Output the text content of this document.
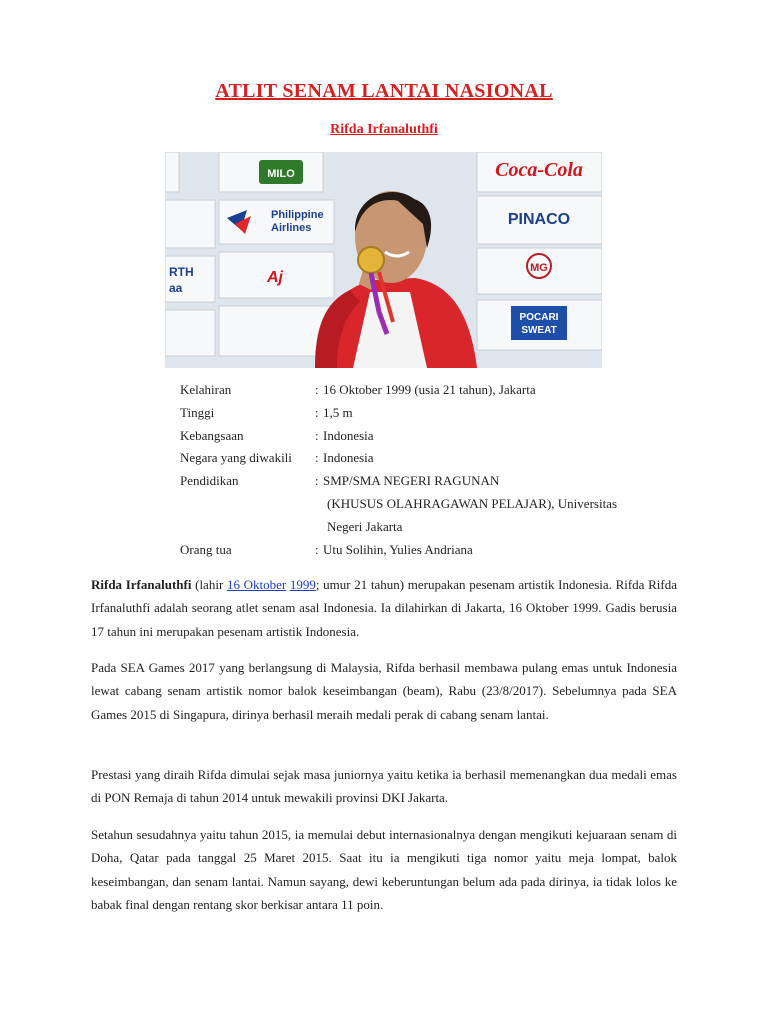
ATLIT SENAM LANTAI NASIONAL
Rifda Irfanaluthfi
MILO	Coca-Cola
Philippine
Airlines	PINACO
RTH
aa
Aj
MG
POCARI
SWEAT
Kelahiran	: 16 Oktober 1999 (usia 21 tahun), Jakarta
Tinggi	: 1,5 m
Kebangsaan	: Indonesia
Negara yang diwakili	: Indonesia
Pendidikan	: SMP/SMA NEGERI RAGUNAN
(KHUSUS OLAHRAGAWAN PELAJAR), Universitas
Negeri Jakarta
Orang tua	: Utu Solihin, Yulies Andriana

Rifda Irfanaluthfi (lahir 16 Oktober 1999; umur 21 tahun) merupakan pesenam artistik Indonesia. Rifda Rifda Irfanaluthfi adalah seorang atlet senam asal Indonesia. Ia dilahirkan di Jakarta, 16 Oktober 1999. Gadis berusia 17 tahun ini merupakan pesenam artistik Indonesia.

Pada SEA Games 2017 yang berlangsung di Malaysia, Rifda berhasil membawa pulang emas untuk Indonesia lewat cabang senam artistik nomor balok keseimbangan (beam), Rabu (23/8/2017). Sebelumnya pada SEA Games 2015 di Singapura, dirinya berhasil meraih medali perak di cabang senam lantai.

Prestasi yang diraih Rifda dimulai sejak masa juniornya yaitu ketika ia berhasil memenangkan dua medali emas di PON Remaja di tahun 2014 untuk mewakili provinsi DKI Jakarta.

Setahun sesudahnya yaitu tahun 2015, ia memulai debut internasionalnya dengan mengikuti kejuaraan senam di Doha, Qatar pada tanggal 25 Maret 2015. Saat itu ia mengikuti tiga nomor yaitu meja lompat, balok keseimbangan, dan senam lantai. Namun sayang, dewi keberuntungan belum ada pada dirinya, ia tidak lolos ke babak final dengan rentang skor berkisar antara 11 poin.
